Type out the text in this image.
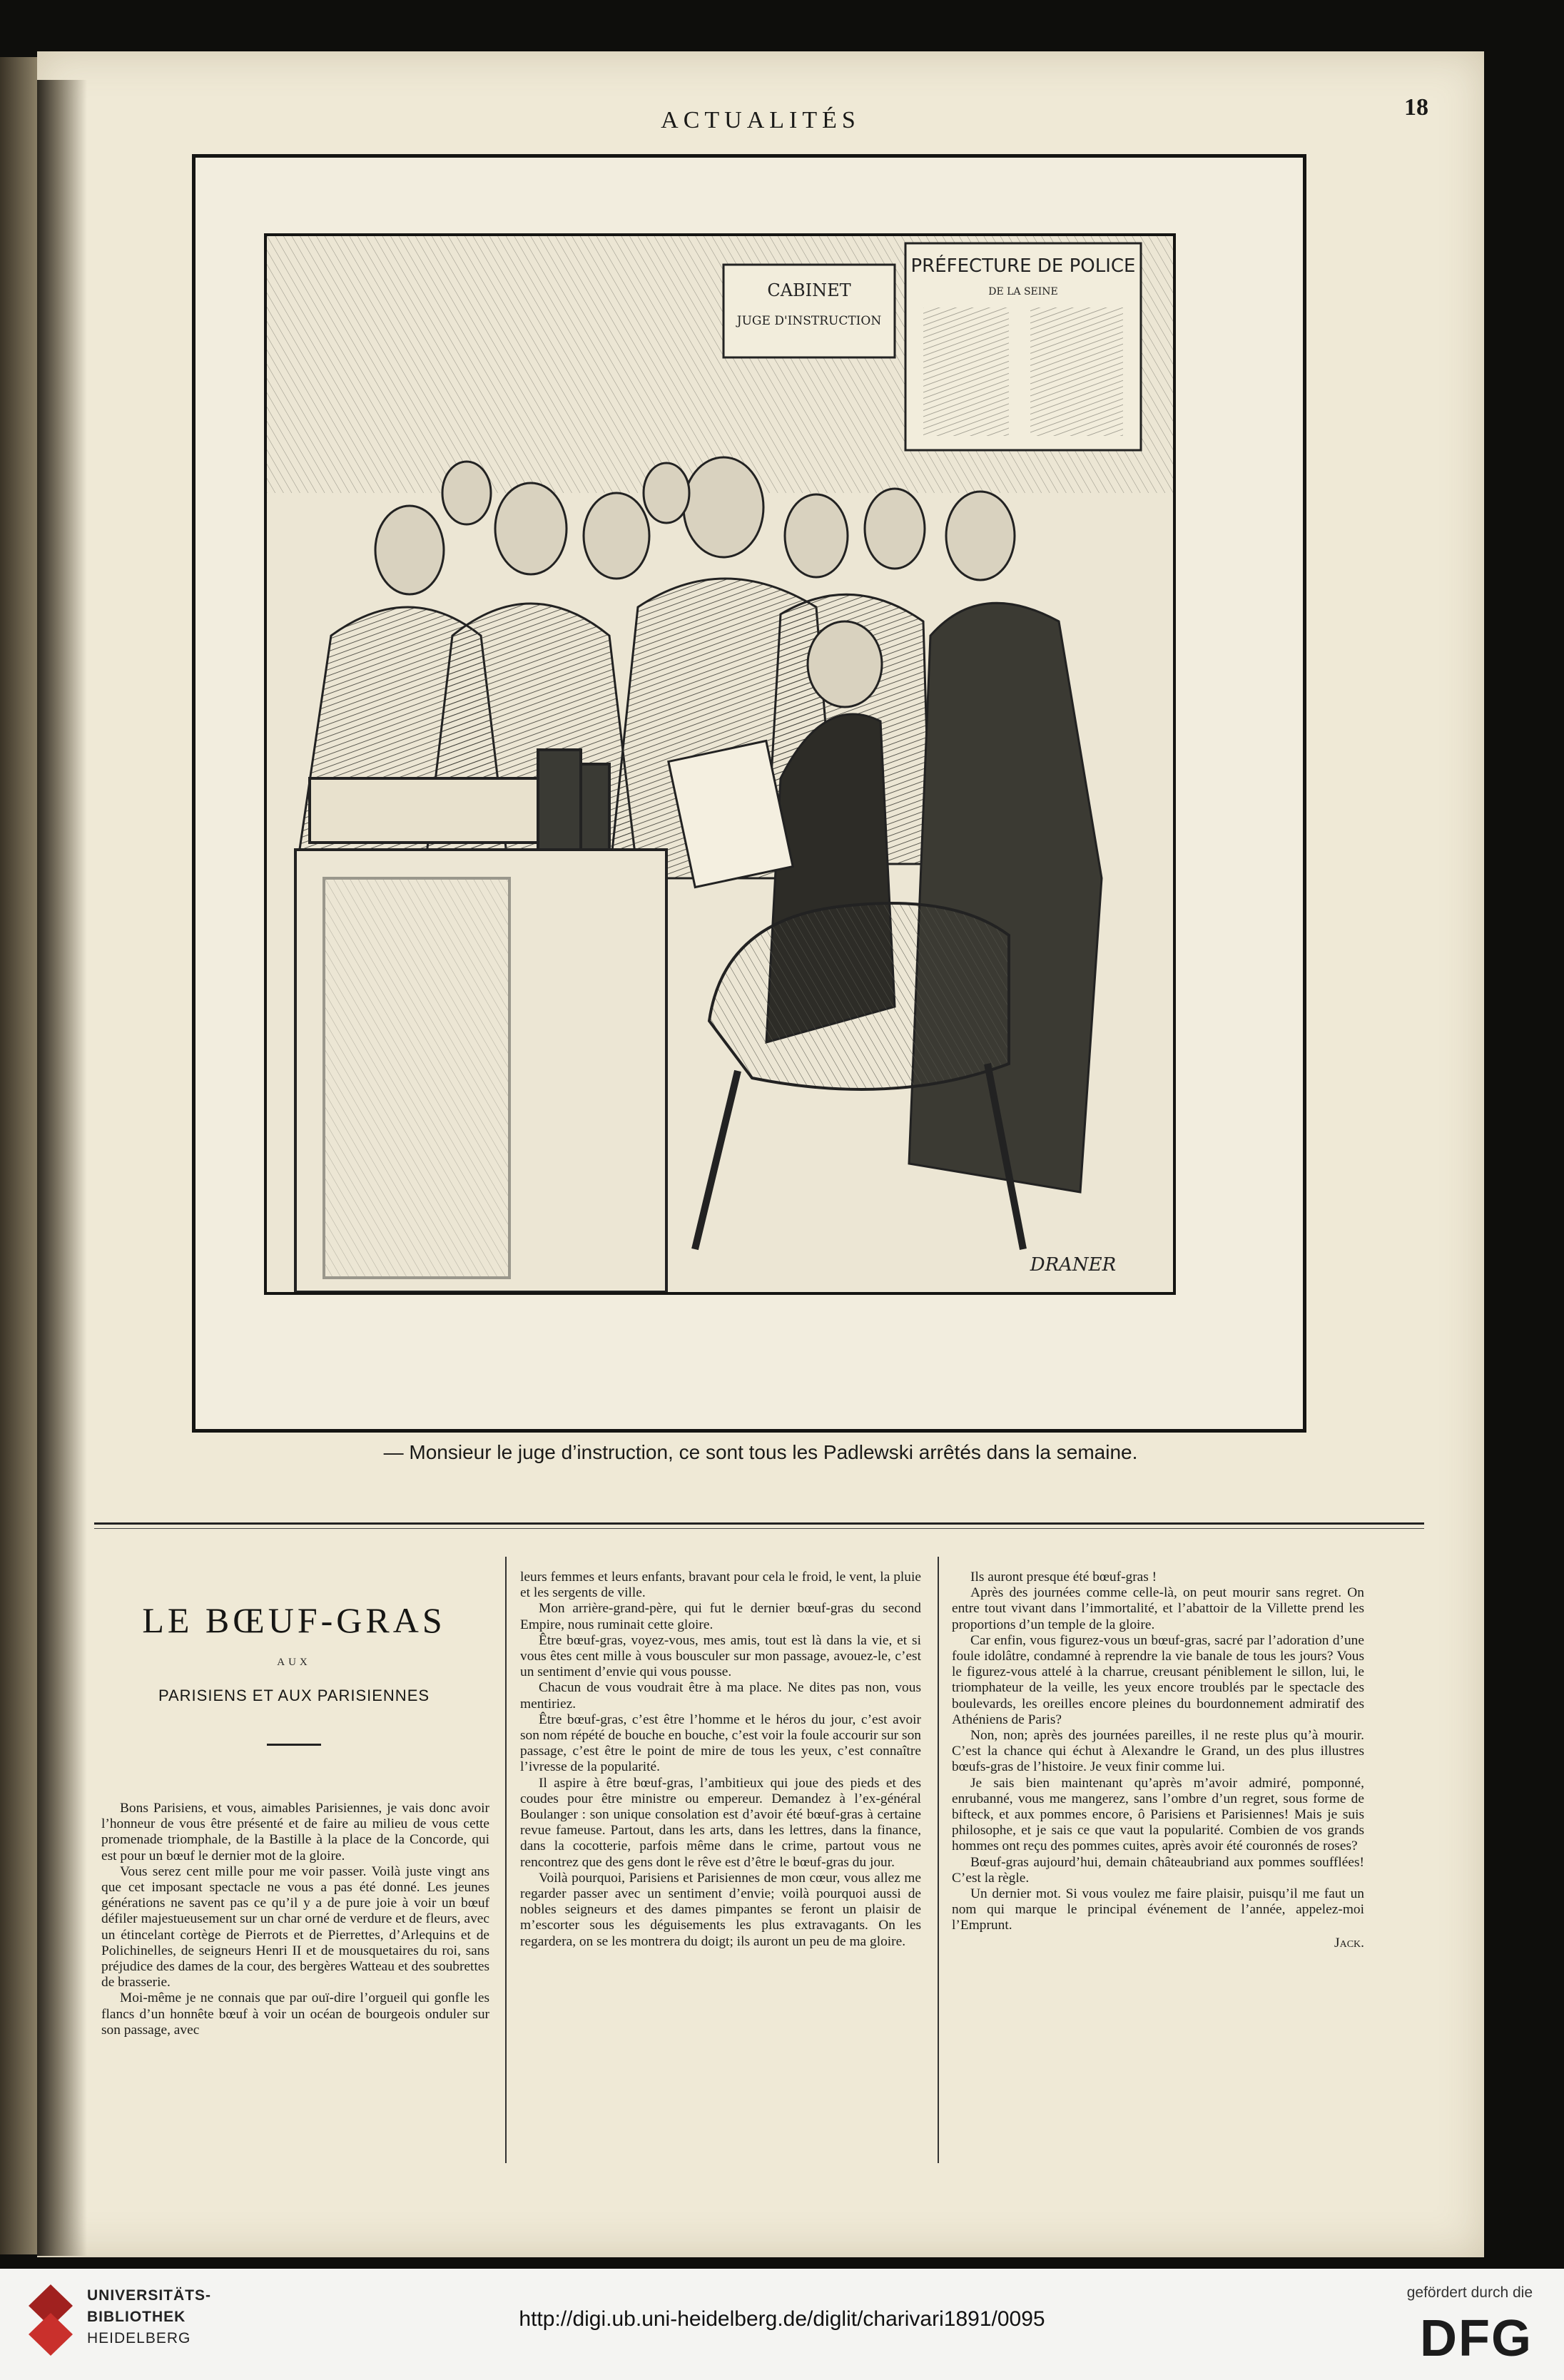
ACTUALITÉS	18
CABINET
JUGE D'INSTRUCTION
PRÉFECTURE DE POLICE
DE LA SEINE
DRANER
— Monsieur le juge d’instruction, ce sont tous les Padlewski arrêtés dans la semaine.
LE BŒUF-GRAS
AUX
PARISIENS ET AUX PARISIENNES

Bons Parisiens, et vous, aimables Parisiennes, je vais donc avoir l’honneur de vous être présenté et de faire au milieu de vous cette promenade triomphale, de la Bastille à la place de la Concorde, qui est pour un bœuf le dernier mot de la gloire.

Vous serez cent mille pour me voir passer. Voilà juste vingt ans que cet imposant spectacle ne vous a pas été donné. Les jeunes générations ne savent pas ce qu’il y a de pure joie à voir un bœuf défiler majestueusement sur un char orné de verdure et de fleurs, avec un étincelant cortège de Pierrots et de Pierrettes, d’Arlequins et de Polichinelles, de seigneurs Henri II et de mousquetaires du roi, sans préjudice des dames de la cour, des bergères Watteau et des soubrettes de brasserie.

Moi-même je ne connais que par ouï-dire l’orgueil qui gonfle les flancs d’un honnête bœuf à voir un océan de bourgeois onduler sur son passage, avec

leurs femmes et leurs enfants, bravant pour cela le froid, le vent, la pluie et les sergents de ville.

Mon arrière-grand-père, qui fut le dernier bœuf-gras du second Empire, nous ruminait cette gloire.

Être bœuf-gras, voyez-vous, mes amis, tout est là dans la vie, et si vous êtes cent mille à vous bousculer sur mon passage, avouez-le, c’est un sentiment d’envie qui vous pousse.

Chacun de vous voudrait être à ma place. Ne dites pas non, vous mentiriez.

Être bœuf-gras, c’est être l’homme et le héros du jour, c’est avoir son nom répété de bouche en bouche, c’est voir la foule accourir sur son passage, c’est être le point de mire de tous les yeux, c’est connaître l’ivresse de la popularité.

Il aspire à être bœuf-gras, l’ambitieux qui joue des pieds et des coudes pour être ministre ou empereur. Demandez à l’ex-général Boulanger : son unique consolation est d’avoir été bœuf-gras à certaine revue fameuse. Partout, dans les arts, dans les lettres, dans la finance, dans la cocotterie, parfois même dans le crime, partout vous ne rencontrez que des gens dont le rêve est d’être le bœuf-gras du jour.

Voilà pourquoi, Parisiens et Parisiennes de mon cœur, vous allez me regarder passer avec un sentiment d’envie; voilà pourquoi aussi de nobles seigneurs et des dames pimpantes se feront un plaisir de m’escorter sous les déguisements les plus extravagants. On les regardera, on se les montrera du doigt; ils auront un peu de ma gloire.

Ils auront presque été bœuf-gras !

Après des journées comme celle-là, on peut mourir sans regret. On entre tout vivant dans l’immortalité, et l’abattoir de la Villette prend les proportions d’un temple de la gloire.

Car enfin, vous figurez-vous un bœuf-gras, sacré par l’adoration d’une foule idolâtre, condamné à reprendre la vie banale de tous les jours? Vous le figurez-vous attelé à la charrue, creusant péniblement le sillon, lui, le triomphateur de la veille, les yeux encore troublés par le spectacle des boulevards, les oreilles encore pleines du bourdonnement admiratif des Athéniens de Paris?

Non, non; après des journées pareilles, il ne reste plus qu’à mourir. C’est la chance qui échut à Alexandre le Grand, un des plus illustres bœufs-gras de l’histoire. Je veux finir comme lui.

Je sais bien maintenant qu’après m’avoir admiré, pomponné, enrubanné, vous me mangerez, sans l’ombre d’un regret, sous forme de bifteck, et aux pommes encore, ô Parisiens et Parisiennes! Mais je suis philosophe, et je sais ce que vaut la popularité. Combien de vos grands hommes ont reçu des pommes cuites, après avoir été couronnés de roses?

Bœuf-gras aujourd’hui, demain châteaubriand aux pommes soufflées! C’est la règle.

Un dernier mot. Si vous voulez me faire plaisir, puisqu’il me faut un nom qui marque le principal événement de l’année, appelez-moi l’Emprunt.

Jack.
UNIVERSITÄTS-
BIBLIOTHEK
HEIDELBERG
http://digi.ub.uni-heidelberg.de/diglit/charivari1891/0095
gefördert durch die
DFG
